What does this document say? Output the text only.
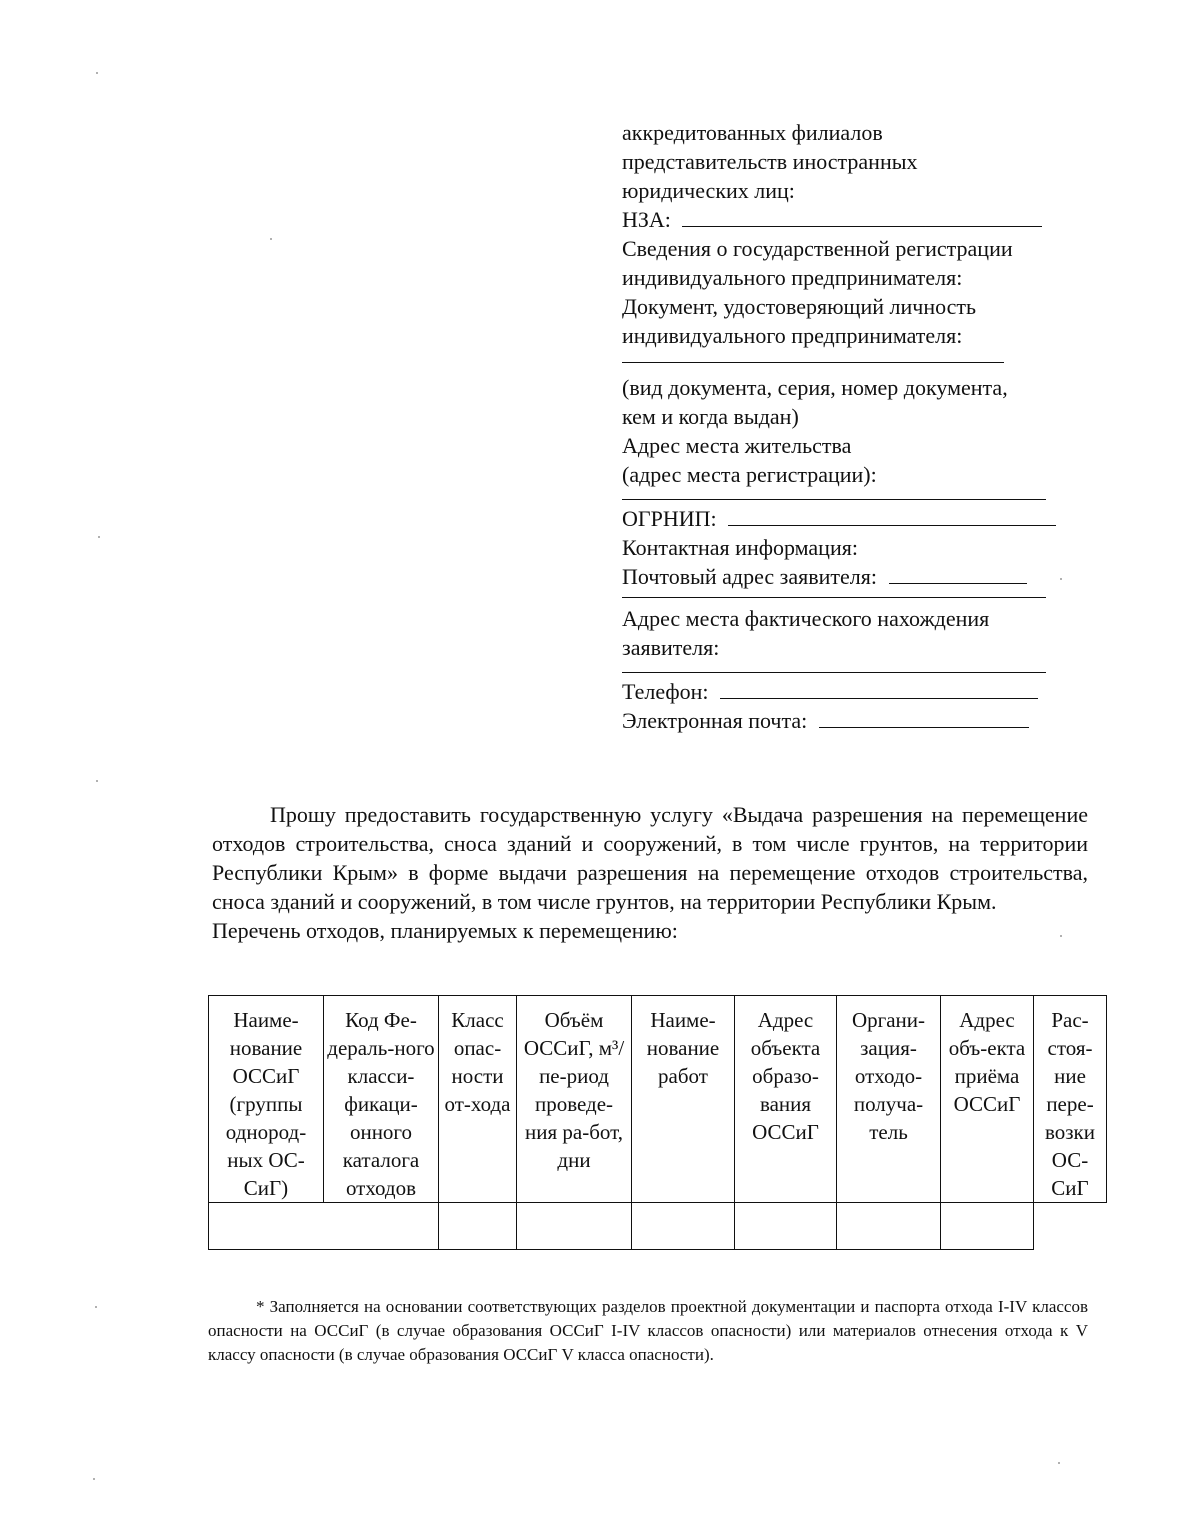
аккредитованных филиалов
представительств иностранных
юридических лиц:
НЗА:
Сведения о государственной регистрации
индивидуального предпринимателя:
Документ, удостоверяющий личность
индивидуального предпринимателя:
(вид документа, серия, номер документа,
кем и когда выдан)
Адрес места жительства
(адрес места регистрации):
ОГРНИП:
Контактная информация:
Почтовый адрес заявителя:
Адрес места фактического нахождения
заявителя:
Телефон:
Электронная почта:

Прошу предоставить государственную услугу «Выдача разрешения на перемещение отходов строительства, сноса зданий и сооружений, в том числе грунтов, на территории Республики Крым» в форме выдачи разрешения на перемещение отходов строительства, сноса зданий и сооружений, в том числе грунтов, на территории Республики Крым.

Перечень отходов, планируемых к перемещению:

Наиме-нование ОССиГ (группы однород-ных ОС-СиГ)	Код Фе-дераль-ного класси-фикаци-онного каталога отходов	Класс опас-ности от-хода	Объём ОССиГ, м³/пе-риод проведе-ния ра-бот, дни	Наиме-нование работ	Адрес объекта образо-вания ОССиГ	Органи-зация-отходо-получа-тель	Адрес объ-екта приёма ОССиГ	Рас-стоя-ние пере-возки ОС-СиГ

* Заполняется на основании соответствующих разделов проектной документации и паспорта отхода I-IV классов опасности на ОССиГ (в случае образования ОССиГ I-IV классов опасности) или материалов отнесения отхода к V классу опасности (в случае образования ОССиГ V класса опасности).
